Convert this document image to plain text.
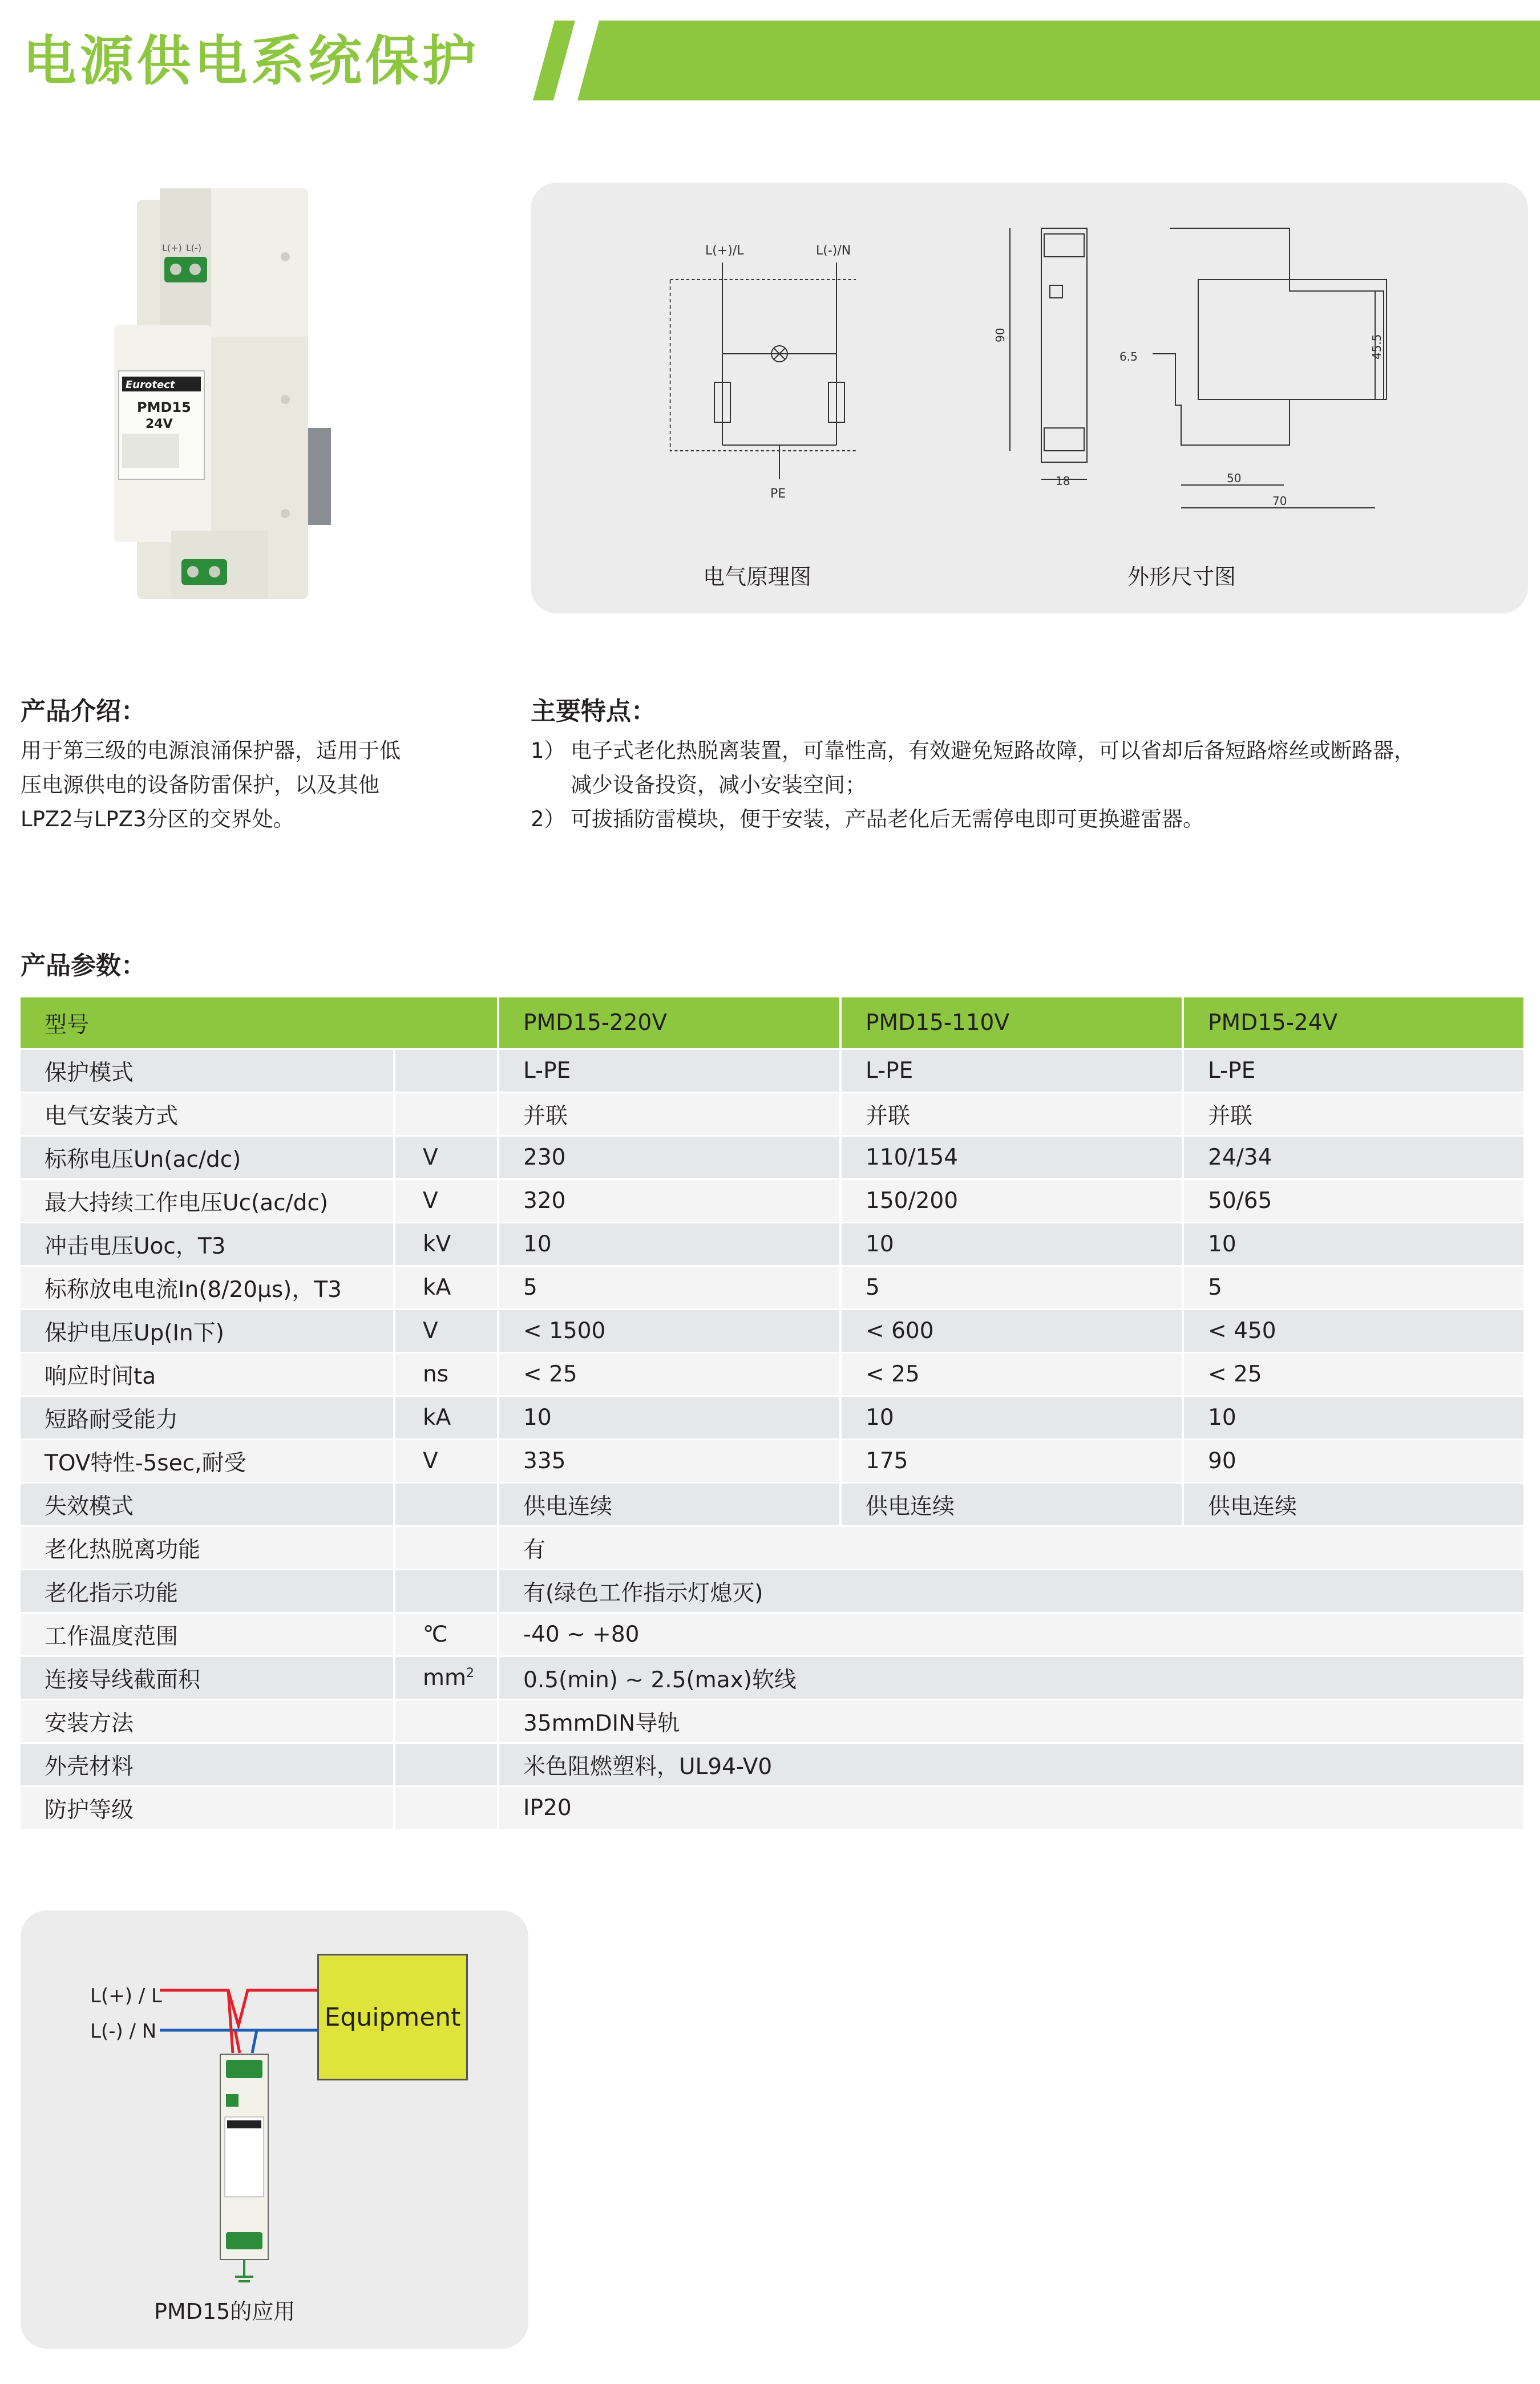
电源供电系统保护
Eurotect
PMD15
24V
L(+) L(-)	L(+)/L	L(-)/N
PE
90
18
6.5	45.5
50
70
电气原理图	外形尺寸图
产品介绍：
用于第三级的电源浪涌保护器，适用于低
压电源供电的设备防雷保护，以及其他
LPZ2与LPZ3分区的交界处。
主要特点：
1） 电子式老化热脱离装置，可靠性高，有效避免短路故障，可以省却后备短路熔丝或断路器，
减少设备投资，减小安装空间；
2） 可拔插防雷模块，便于安装，产品老化后无需停电即可更换避雷器。
产品参数：
型号		PMD15-220V	PMD15-110V	PMD15-24V
保护模式		L-PE	L-PE	L-PE
电气安装方式		并联	并联	并联
标称电压Un(ac/dc)	V	230	110/154	24/34
最大持续工作电压Uc(ac/dc)	V	320	150/200	50/65
冲击电压Uoc，T3	kV	10	10	10
标称放电电流In(8/20μs)，T3	kA	5	5	5
保护电压Up(In下)	V	< 1500	< 600	< 450
响应时间ta	ns	< 25	< 25	< 25
短路耐受能力	kA	10	10	10
TOV特性-5sec,耐受	V	335	175	90
失效模式		供电连续	供电连续	供电连续
老化热脱离功能		有		
老化指示功能		有(绿色工作指示灯熄灭)		
工作温度范围	℃	-40 ~ +80		
连接导线截面积	$mm^2$	0.5(min) ~ 2.5(max)软线		
安装方法		35mmDIN导轨		
外壳材料		米色阻燃塑料，UL94-V0		
防护等级		IP20		
L(+) / L
L(-) / N	Equipment
PMD15的应用
